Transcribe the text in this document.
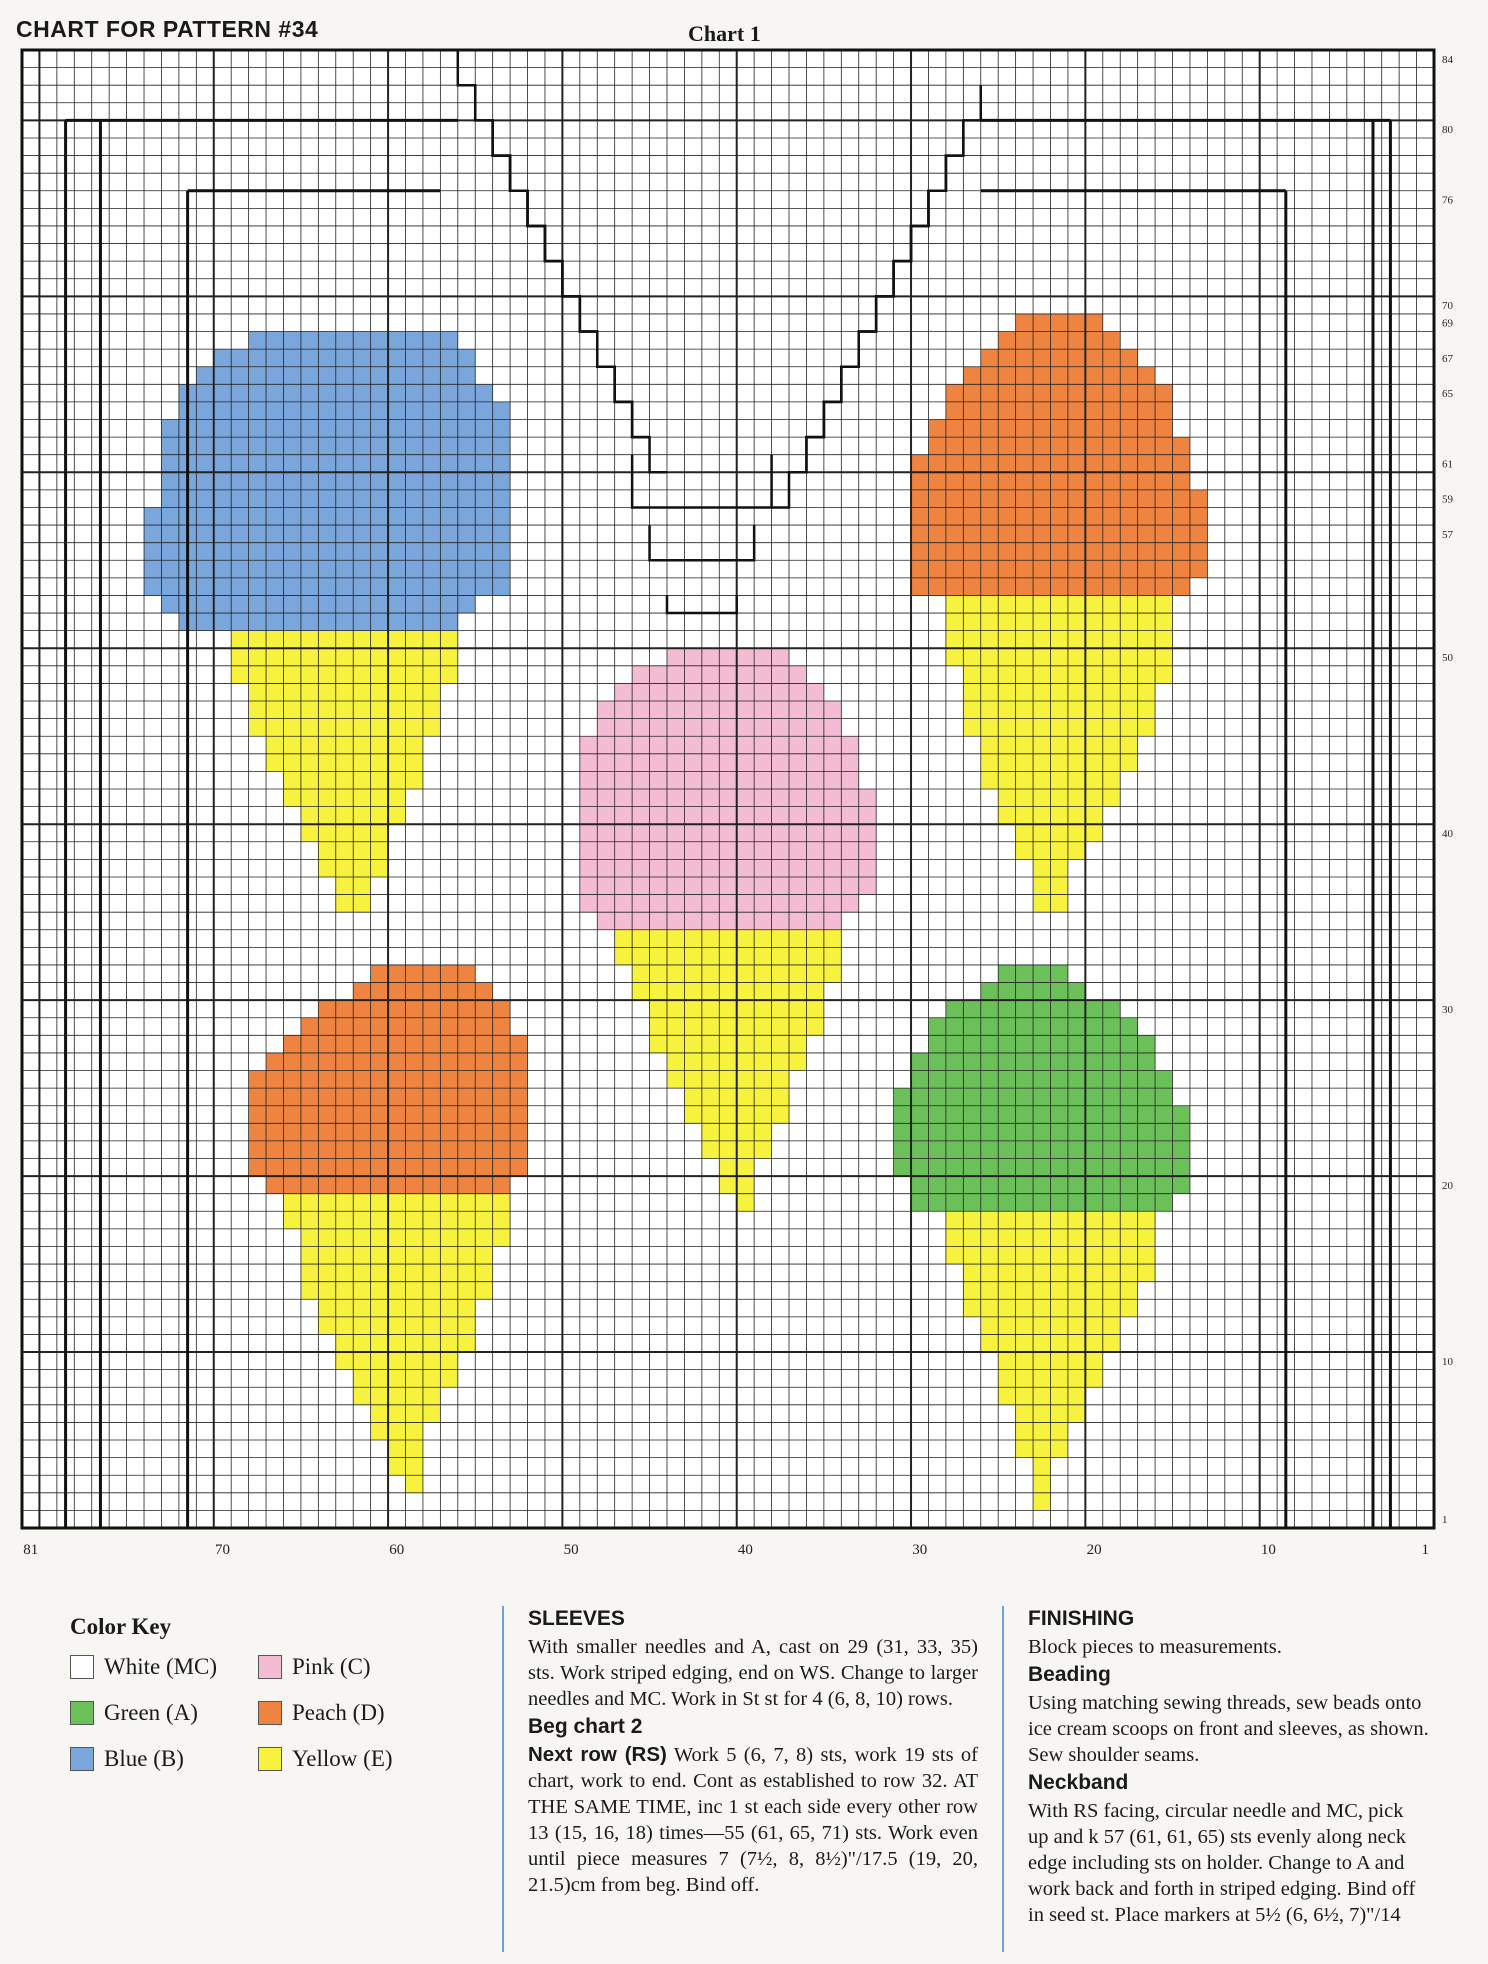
CHART FOR PATTERN #34	Chart 1
81	70	60	50	40	30	20	10	1
84
80
76
70
69
67
65
61
59
57
50
40
30
20
10
1
Color Key
White (MC)	Pink (C)
Green (A)	Peach (D)
Blue (B)	Yellow (E)
SLEEVES

With smaller needles and A, cast on 29 (31, 33, 35) sts. Work striped edging, end on WS. Change to larger needles and MC. Work in St st for 4 (6, 8, 10) rows.

Beg chart 2

Next row (RS) Work 5 (6, 7, 8) sts, work 19 sts of chart, work to end. Cont as established to row 32. AT THE SAME TIME, inc 1 st each side every other row 13 (15, 16, 18) times—55 (61, 65, 71) sts. Work even until piece measures 7 (7½, 8, 8½)"/17.5 (19, 20, 21.5)cm from beg. Bind off.

FINISHING

Block pieces to measurements.

Beading

Using matching sewing threads, sew beads onto

ice cream scoops on front and sleeves, as shown.

Sew shoulder seams.

Neckband

With RS facing, circular needle and MC, pick

up and k 57 (61, 61, 65) sts evenly along neck

edge including sts on holder. Change to A and

work back and forth in striped edging. Bind off

in seed st. Place markers at 5½ (6, 6½, 7)"/14
